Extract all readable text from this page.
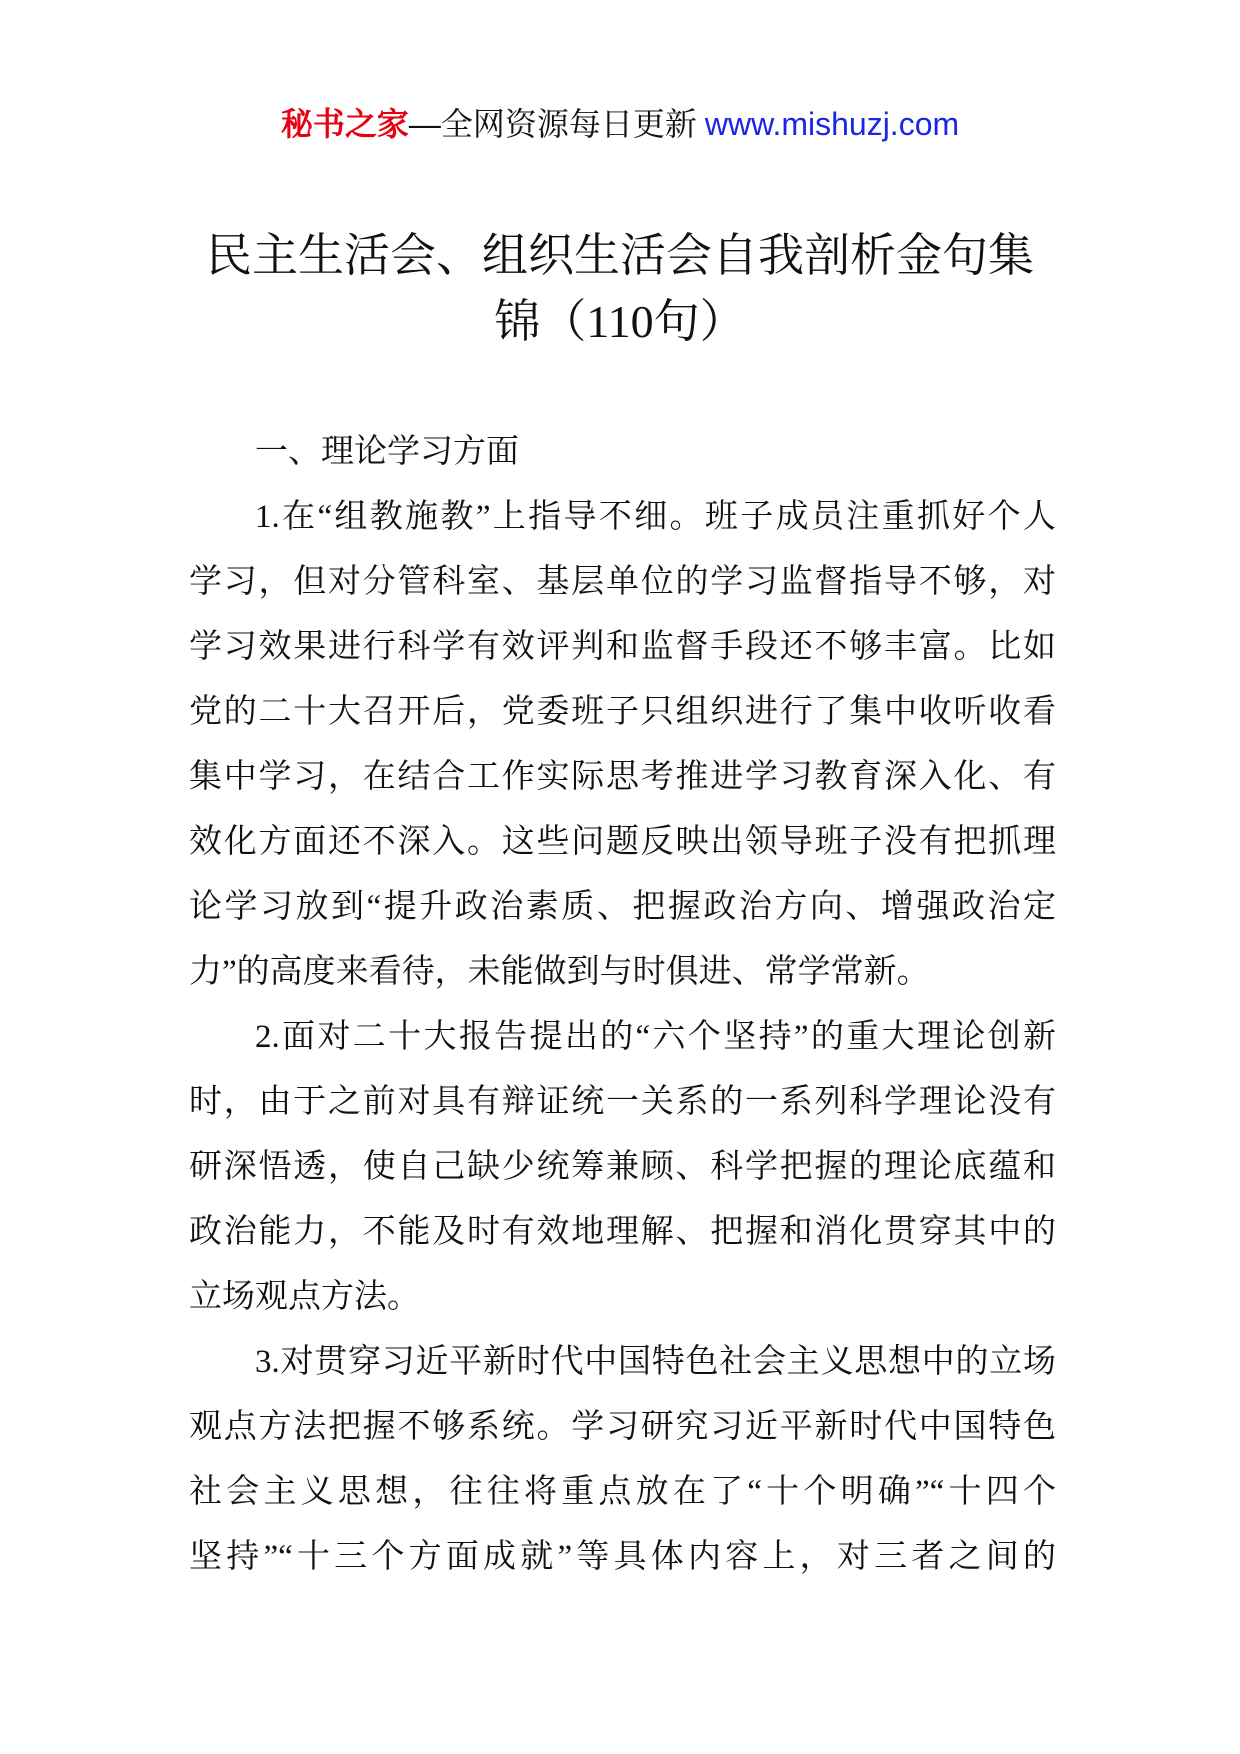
秘书之家—全网资源每日更新 www.mishuzj.com
民主生活会、组织生活会自我剖析金句集
锦（110句）
一、理论学习方面
1.在“组教施教”上指导不细。班子成员注重抓好个人
学习，但对分管科室、基层单位的学习监督指导不够，对
学习效果进行科学有效评判和监督手段还不够丰富。比如
党的二十大召开后，党委班子只组织进行了集中收听收看
集中学习，在结合工作实际思考推进学习教育深入化、有
效化方面还不深入。这些问题反映出领导班子没有把抓理
论学习放到“提升政治素质、把握政治方向、增强政治定
力”的高度来看待，未能做到与时俱进、常学常新。
2.面对二十大报告提出的“六个坚持”的重大理论创新
时，由于之前对具有辩证统一关系的一系列科学理论没有
研深悟透，使自己缺少统筹兼顾、科学把握的理论底蕴和
政治能力，不能及时有效地理解、把握和消化贯穿其中的
立场观点方法。
3.对贯穿习近平新时代中国特色社会主义思想中的立场
观点方法把握不够系统。学习研究习近平新时代中国特色
社会主义思想，往往将重点放在了“十个明确”“十四个
坚持”“十三个方面成就”等具体内容上，对三者之间的
